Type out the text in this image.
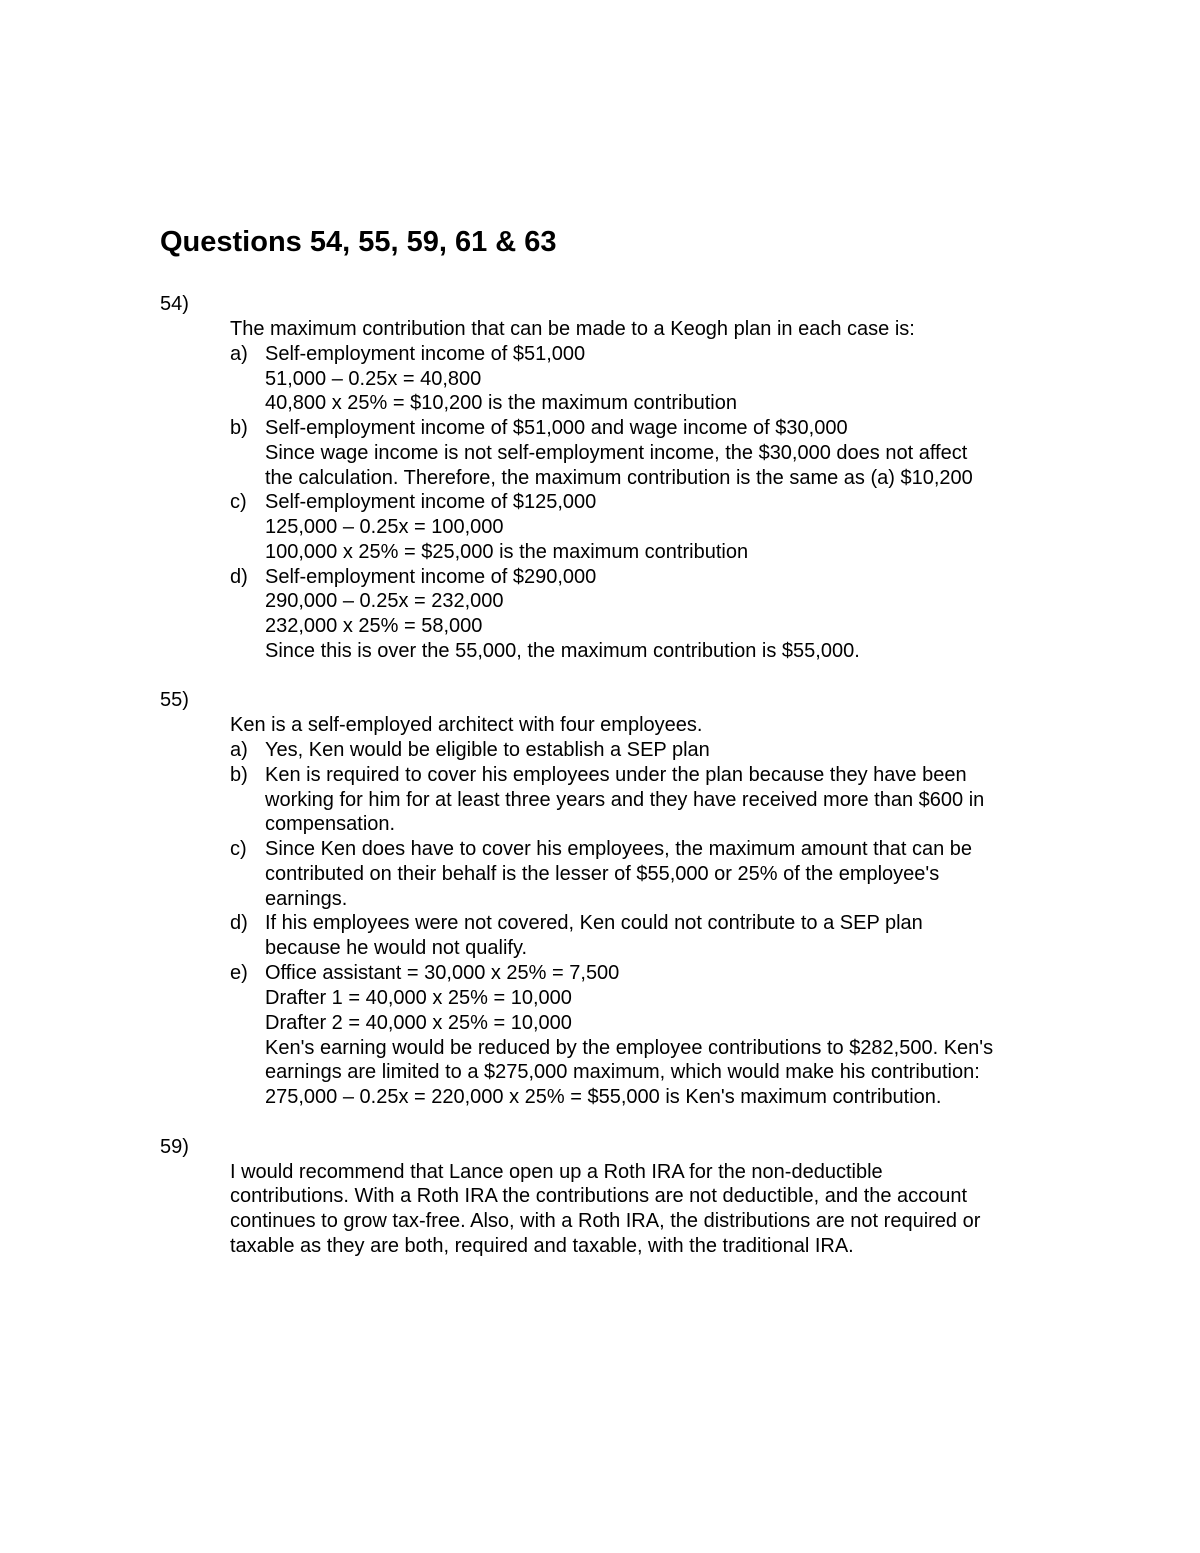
Questions 54, 55, 59, 61 & 63
54)
The maximum contribution that can be made to a Keogh plan in each case is:
a) Self-employment income of $51,000
51,000 – 0.25x = 40,800
40,800 x 25% = $10,200 is the maximum contribution
b) Self-employment income of $51,000 and wage income of $30,000
Since wage income is not self-employment income, the $30,000 does not affect
the calculation. Therefore, the maximum contribution is the same as (a) $10,200
c) Self-employment income of $125,000
125,000 – 0.25x = 100,000
100,000 x 25% = $25,000 is the maximum contribution
d) Self-employment income of $290,000
290,000 – 0.25x = 232,000
232,000 x 25% = 58,000
Since this is over the 55,000, the maximum contribution is $55,000.
55)
Ken is a self-employed architect with four employees.
a) Yes, Ken would be eligible to establish a SEP plan
b) Ken is required to cover his employees under the plan because they have been
working for him for at least three years and they have received more than $600 in
compensation.
c) Since Ken does have to cover his employees, the maximum amount that can be
contributed on their behalf is the lesser of $55,000 or 25% of the employee's
earnings.
d) If his employees were not covered, Ken could not contribute to a SEP plan
because he would not qualify.
e) Office assistant = 30,000 x 25% = 7,500
Drafter 1 = 40,000 x 25% = 10,000
Drafter 2 = 40,000 x 25% = 10,000
Ken's earning would be reduced by the employee contributions to $282,500. Ken's
earnings are limited to a $275,000 maximum, which would make his contribution:
275,000 – 0.25x = 220,000 x 25% = $55,000 is Ken's maximum contribution.
59)
I would recommend that Lance open up a Roth IRA for the non-deductible
contributions. With a Roth IRA the contributions are not deductible, and the account
continues to grow tax-free. Also, with a Roth IRA, the distributions are not required or
taxable as they are both, required and taxable, with the traditional IRA.
